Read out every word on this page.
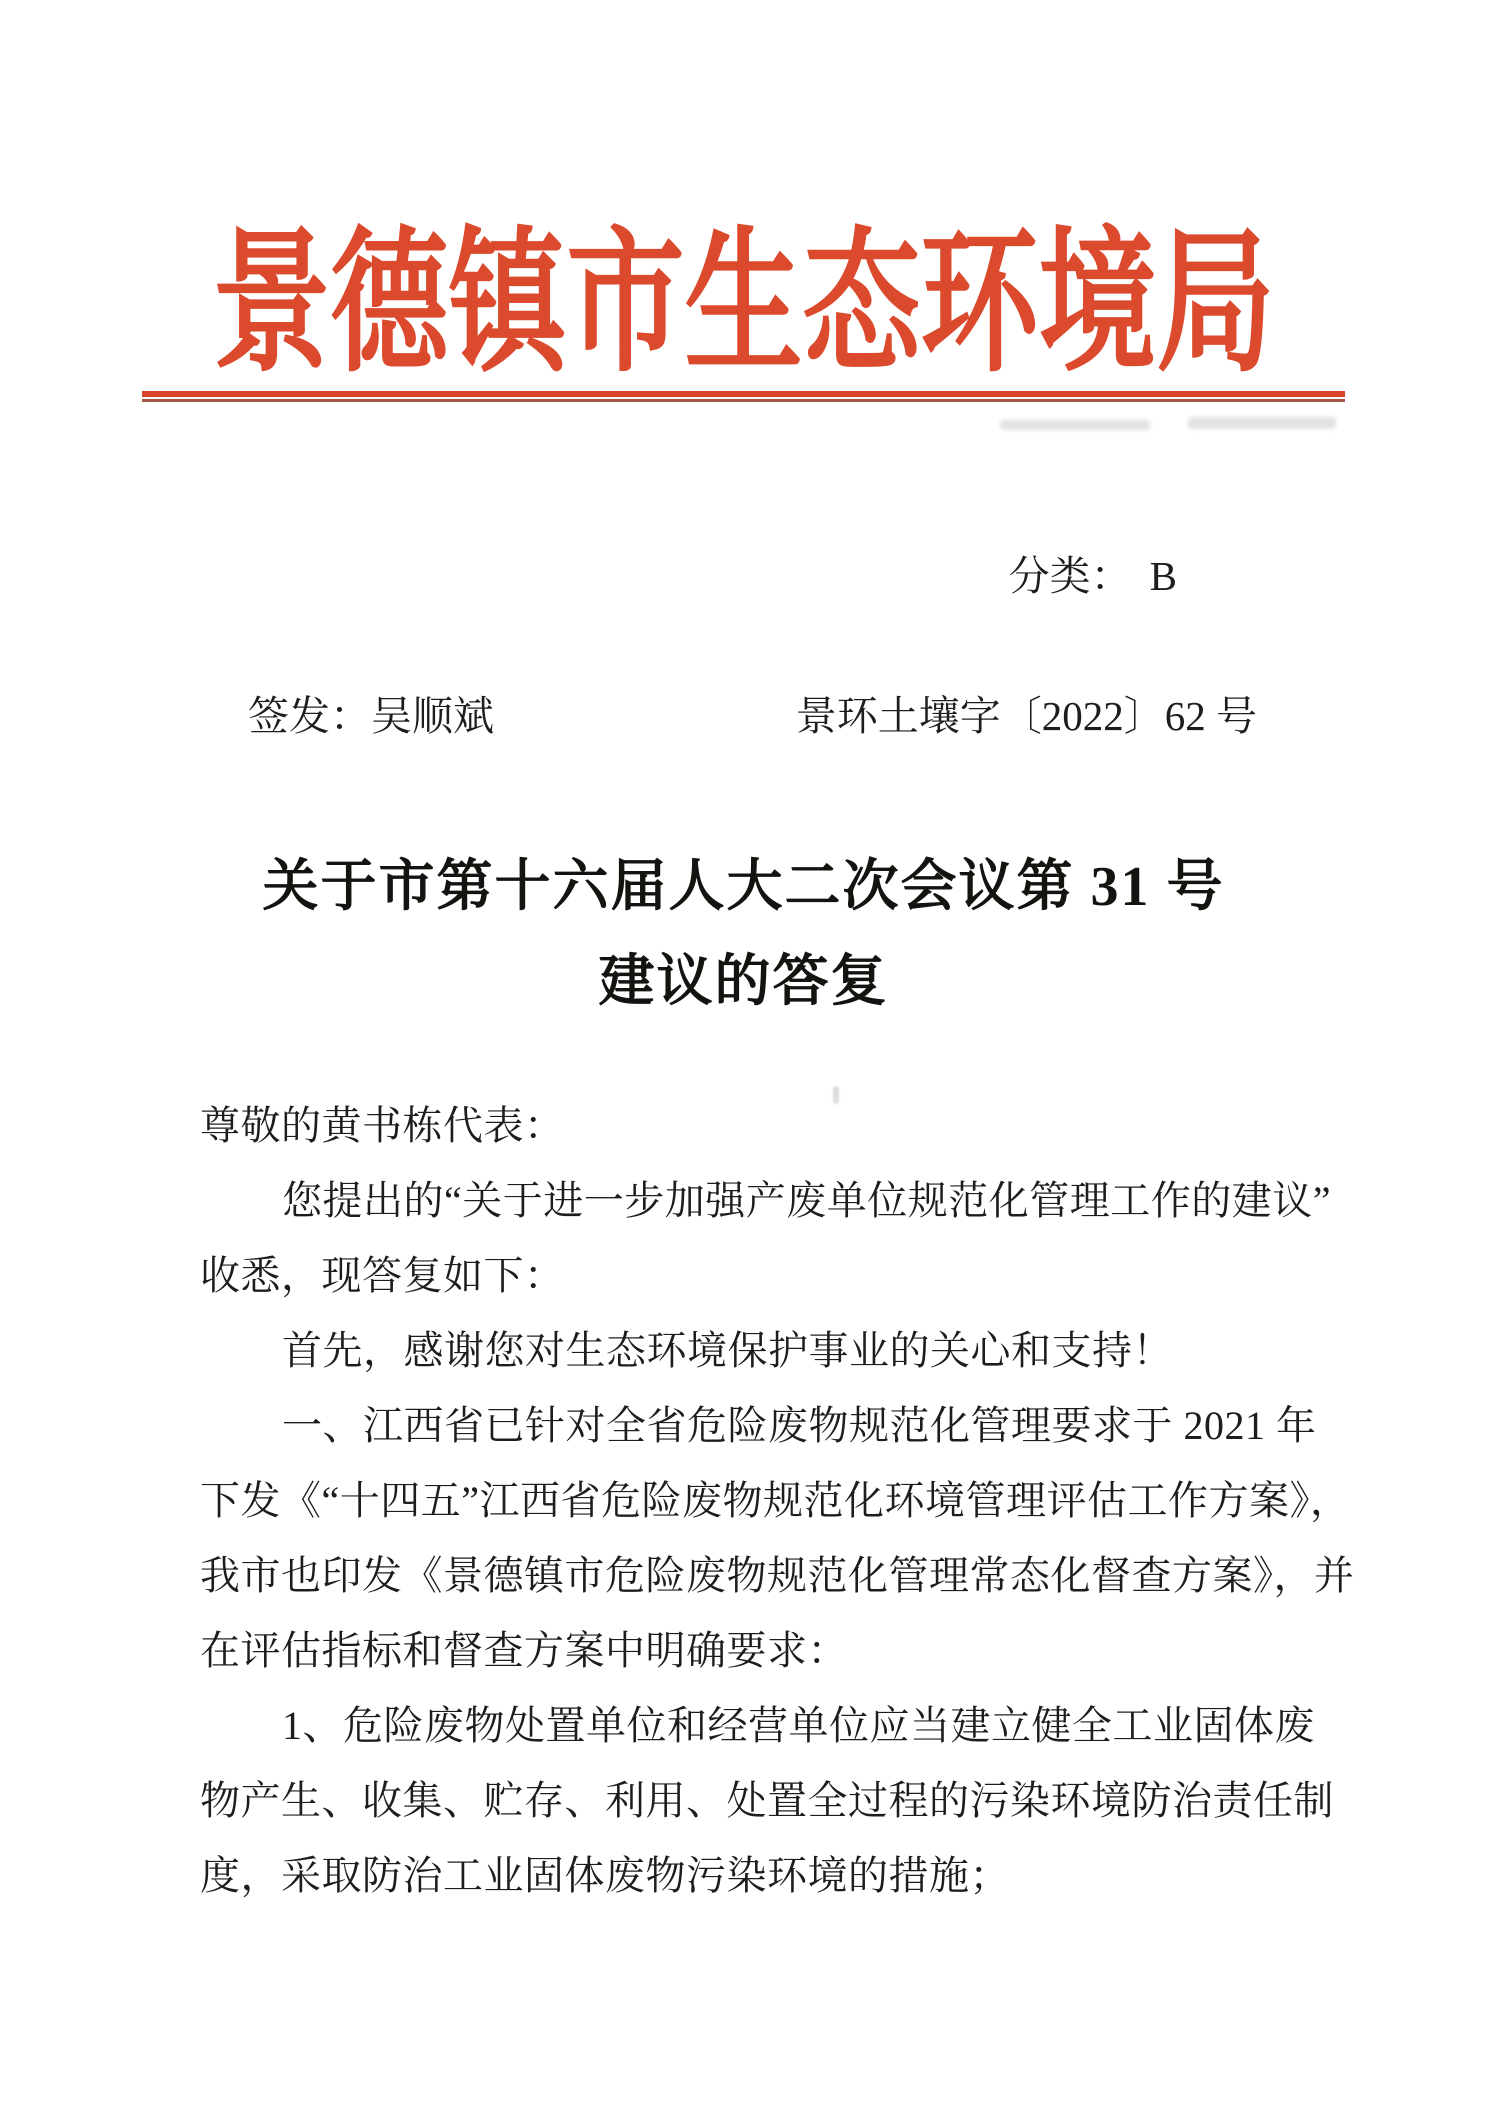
景德镇市生态环境局
分类： B
签发：吴顺斌	景环土壤字〔2022〕62 号
关于市第十六届人大二次会议第 31 号
建议的答复
尊敬的黄书栋代表：
您提出的“关于进一步加强产废单位规范化管理工作的建议”
收悉，现答复如下：
首先，感谢您对生态环境保护事业的关心和支持！
一、江西省已针对全省危险废物规范化管理要求于 2021 年
下发《“十四五”江西省危险废物规范化环境管理评估工作方案》，
我市也印发《景德镇市危险废物规范化管理常态化督查方案》，并
在评估指标和督查方案中明确要求：
1、危险废物处置单位和经营单位应当建立健全工业固体废
物产生、收集、贮存、利用、处置全过程的污染环境防治责任制
度，采取防治工业固体废物污染环境的措施；
